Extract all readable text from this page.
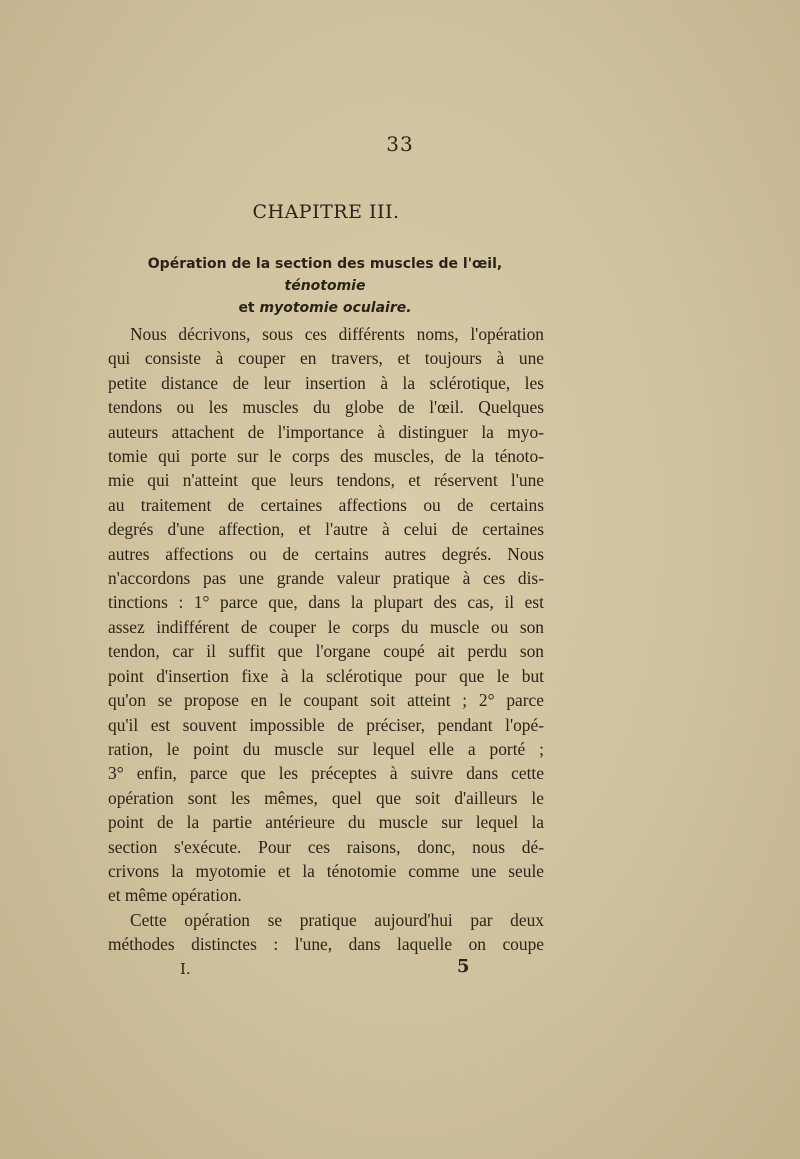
33
CHAPITRE III.
Opération de la section des muscles de l'œil, ténotomie
et myotomie oculaire.
Nous décrivons, sous ces différents noms, l'opération
qui consiste à couper en travers, et toujours à une
petite distance de leur insertion à la sclérotique, les
tendons ou les muscles du globe de l'œil. Quelques
auteurs attachent de l'importance à distinguer la myo-
tomie qui porte sur le corps des muscles, de la ténoto-
mie qui n'atteint que leurs tendons, et réservent l'une
au traitement de certaines affections ou de certains
degrés d'une affection, et l'autre à celui de certaines
autres affections ou de certains autres degrés. Nous
n'accordons pas une grande valeur pratique à ces dis-
tinctions : 1° parce que, dans la plupart des cas, il est
assez indifférent de couper le corps du muscle ou son
tendon, car il suffit que l'organe coupé ait perdu son
point d'insertion fixe à la sclérotique pour que le but
qu'on se propose en le coupant soit atteint ; 2° parce
qu'il est souvent impossible de préciser, pendant l'opé-
ration, le point du muscle sur lequel elle a porté ;
3° enfin, parce que les préceptes à suivre dans cette
opération sont les mêmes, quel que soit d'ailleurs le
point de la partie antérieure du muscle sur lequel la
section s'exécute. Pour ces raisons, donc, nous dé-
crivons la myotomie et la ténotomie comme une seule
et même opération.
Cette opération se pratique aujourd'hui par deux
méthodes distinctes : l'une, dans laquelle on coupe
I.	5
